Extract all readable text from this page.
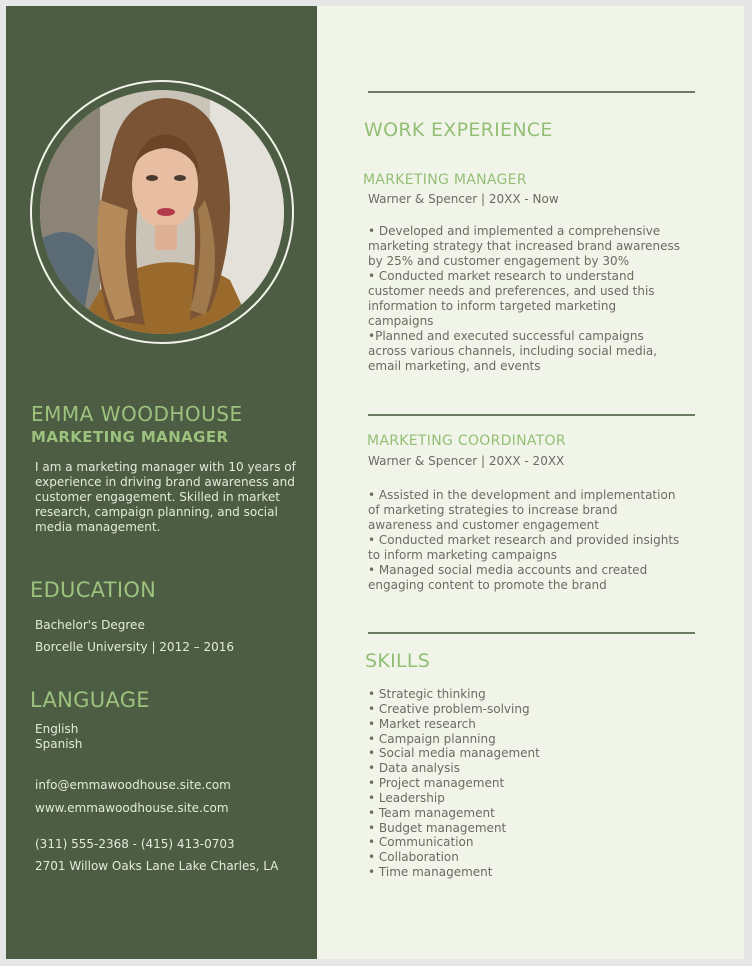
EMMA WOODHOUSE
MARKETING MANAGER

I am a marketing manager with 10 years of experience in driving brand awareness and customer engagement. Skilled in market research, campaign planning, and social media management.

EDUCATION

Bachelor's Degree

Borcelle University | 2012 – 2016

LANGUAGE

English

Spanish

info@emmawoodhouse.site.com

www.emmawoodhouse.site.com

(311) 555-2368 - (415) 413-0703

2701 Willow Oaks Lane Lake Charles, LA

WORK EXPERIENCE
MARKETING MANAGER

Warner & Spencer | 20XX - Now

• Developed and implemented a comprehensive marketing strategy that increased brand awareness by 25% and customer engagement by 30%
• Conducted market research to understand customer needs and preferences, and used this information to inform targeted marketing campaigns
•Planned and executed successful campaigns across various channels, including social media, email marketing, and events

MARKETING COORDINATOR

Warner & Spencer | 20XX - 20XX

• Assisted in the development and implementation of marketing strategies to increase brand awareness and customer engagement
• Conducted market research and provided insights to inform marketing campaigns
• Managed social media accounts and created engaging content to promote the brand

SKILLS
• Strategic thinking
• Creative problem-solving
• Market research
• Campaign planning
• Social media management
• Data analysis
• Project management
• Leadership
• Team management
• Budget management
• Communication
• Collaboration
• Time management
